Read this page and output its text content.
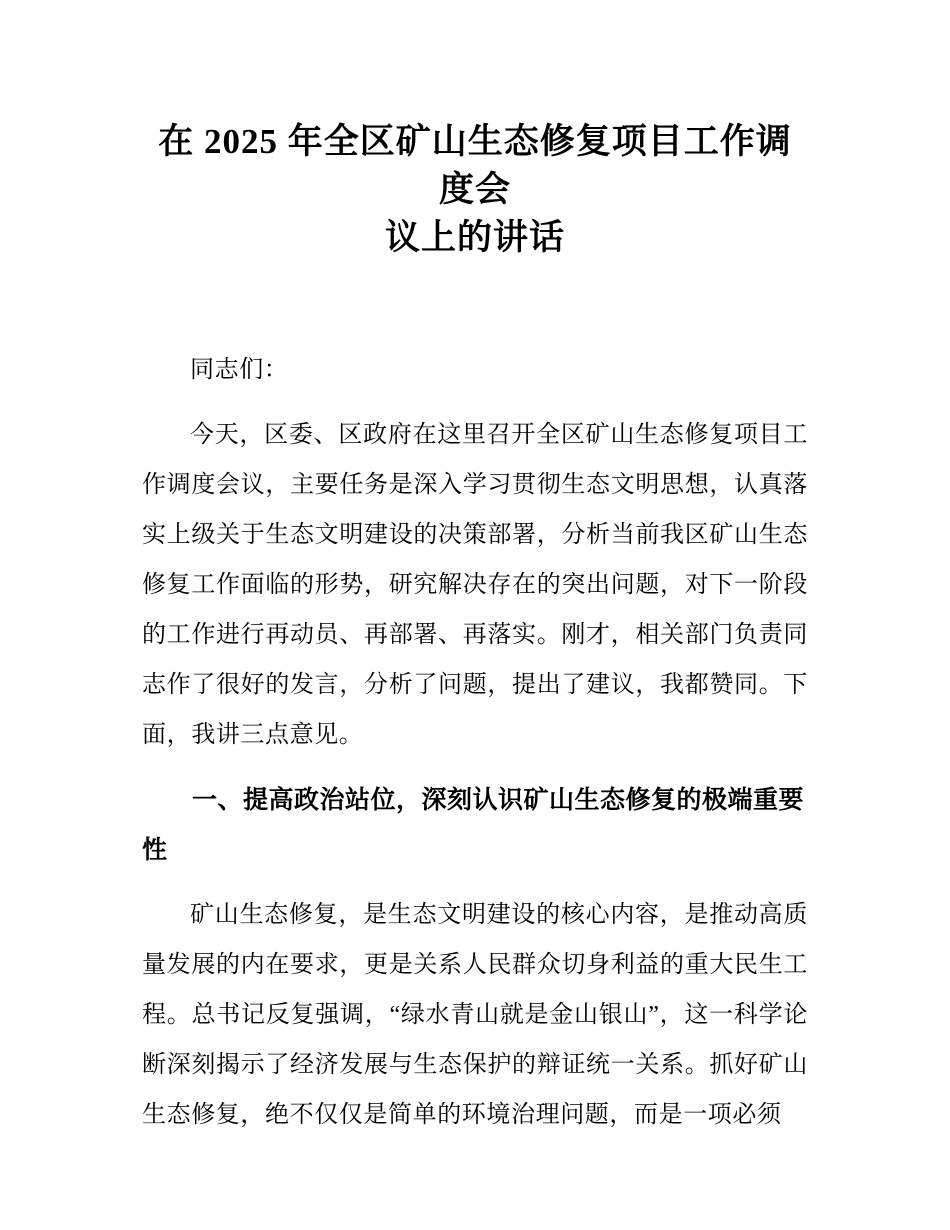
在 2025 年全区矿山生态修复项目工作调度会
议上的讲话

同志们：

今天，区委、区政府在这里召开全区矿山生态修复项目工作调度会议，主要任务是深入学习贯彻生态文明思想，认真落实上级关于生态文明建设的决策部署，分析当前我区矿山生态修复工作面临的形势，研究解决存在的突出问题，对下一阶段的工作进行再动员、再部署、再落实。刚才，相关部门负责同志作了很好的发言，分析了问题，提出了建议，我都赞同。下面，我讲三点意见。

一、提高政治站位，深刻认识矿山生态修复的极端重要性

矿山生态修复，是生态文明建设的核心内容，是推动高质量发展的内在要求，更是关系人民群众切身利益的重大民生工程。总书记反复强调，“绿水青山就是金山银山”，这一科学论断深刻揭示了经济发展与生态保护的辩证统一关系。抓好矿山生态修复，绝不仅仅是简单的环境治理问题，而是一项必须
